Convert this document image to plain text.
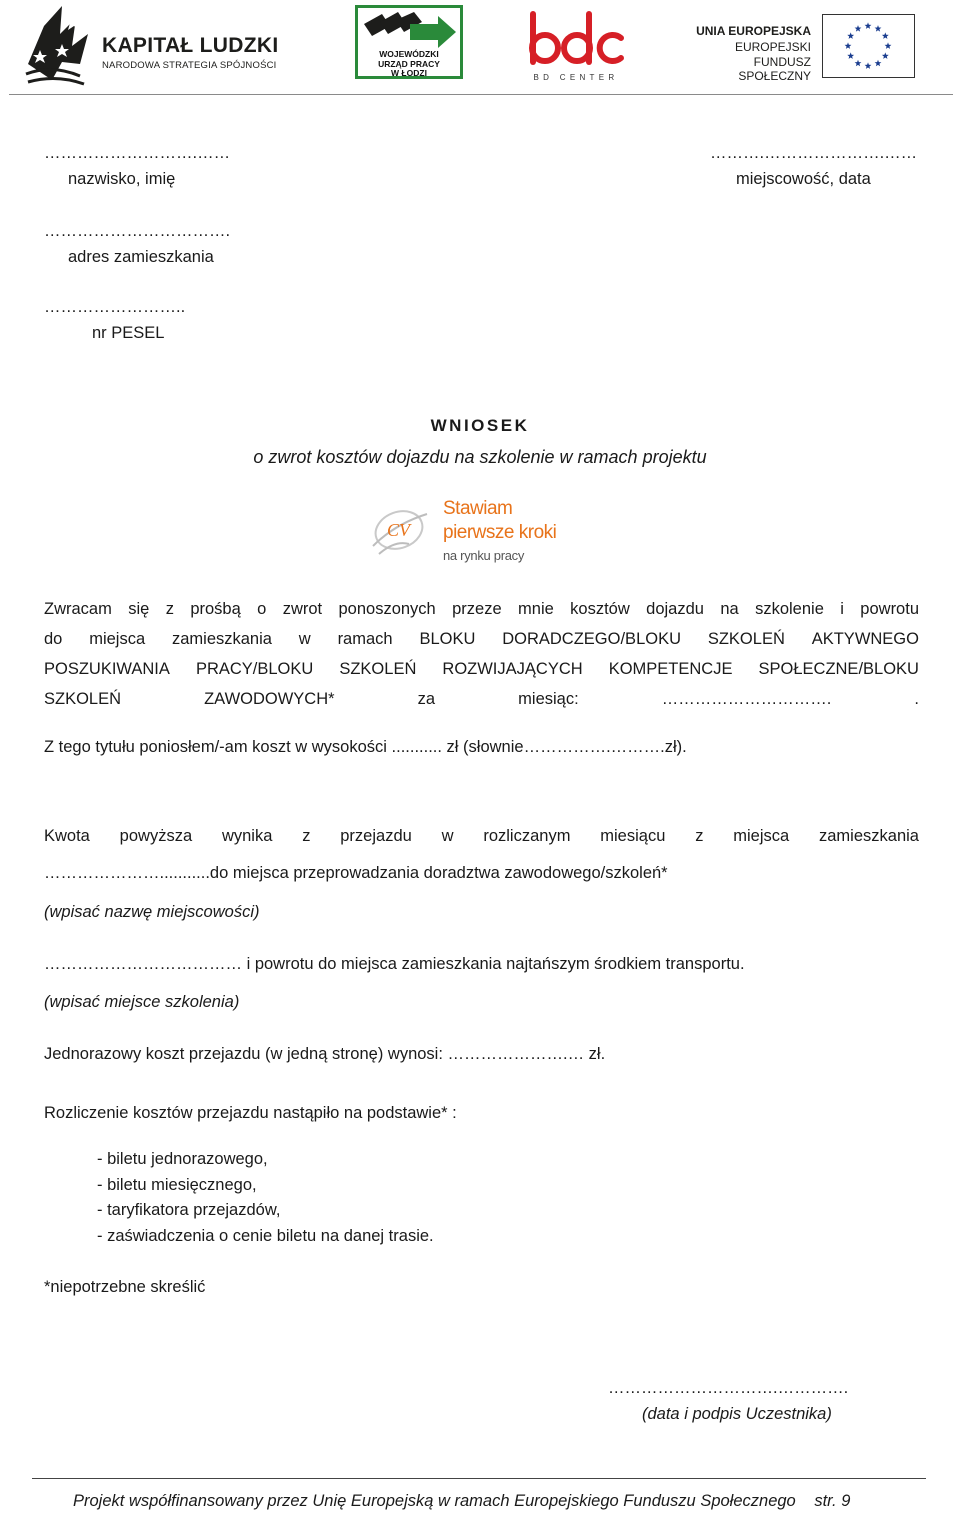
KAPITAŁ LUDZKI
NARODOWA STRATEGIA SPÓJNOŚCI
WOJEWÓDZKI
URZĄD PRACY
W ŁODZI	BD CENTER
UNIA EUROPEJSKA
EUROPEJSKI
FUNDUSZ SPOŁECZNY
……………………….……
nazwisko, imię
……….………………….……
miejscowość, data
…………………………….
adres zamieszkania
……………………..
nr PESEL
WNIOSEK
o zwrot kosztów dojazdu na szkolenie w ramach projektu
CV
Stawiam
pierwsze kroki
na rynku pracy
Zwracam się z prośbą o zwrot ponoszonych przeze mnie kosztów dojazdu na szkolenie i powrotu
do miejsca zamieszkania w ramach BLOKU DORADCZEGO/BLOKU SZKOLEŃ AKTYWNEGO
POSZUKIWANIA PRACY/BLOKU SZKOLEŃ ROZWIJAJĄCYCH KOMPETENCJE SPOŁECZNE/BLOKU
SZKOLEŃ ZAWODOWYCH* za miesiąc: …………………………. .
Z tego tytułu poniosłem/-am koszt w wysokości ........... zł (słownie…………….……….zł).
Kwota powyższa wynika z przejazdu w rozliczanym miesiącu z miejsca zamieszkania
…………………...........do miejsca przeprowadzania doradztwa zawodowego/szkoleń*
(wpisać nazwę miejscowości)
……………………………… i powrotu do miejsca zamieszkania najtańszym środkiem transportu.
(wpisać miejsce szkolenia)
Jednorazowy koszt przejazdu (w jedną stronę) wynosi: ………………….… zł.
Rozliczenie kosztów przejazdu nastąpiło na podstawie* :
- biletu jednorazowego,
- biletu miesięcznego,
- taryfikatora przejazdów,
- zaświadczenia o cenie biletu na danej trasie.
*niepotrzebne skreślić
………………………….………….
(data i podpis Uczestnika)
Projekt współfinansowany przez Unię Europejską w ramach Europejskiego Funduszu Społecznego str. 9
